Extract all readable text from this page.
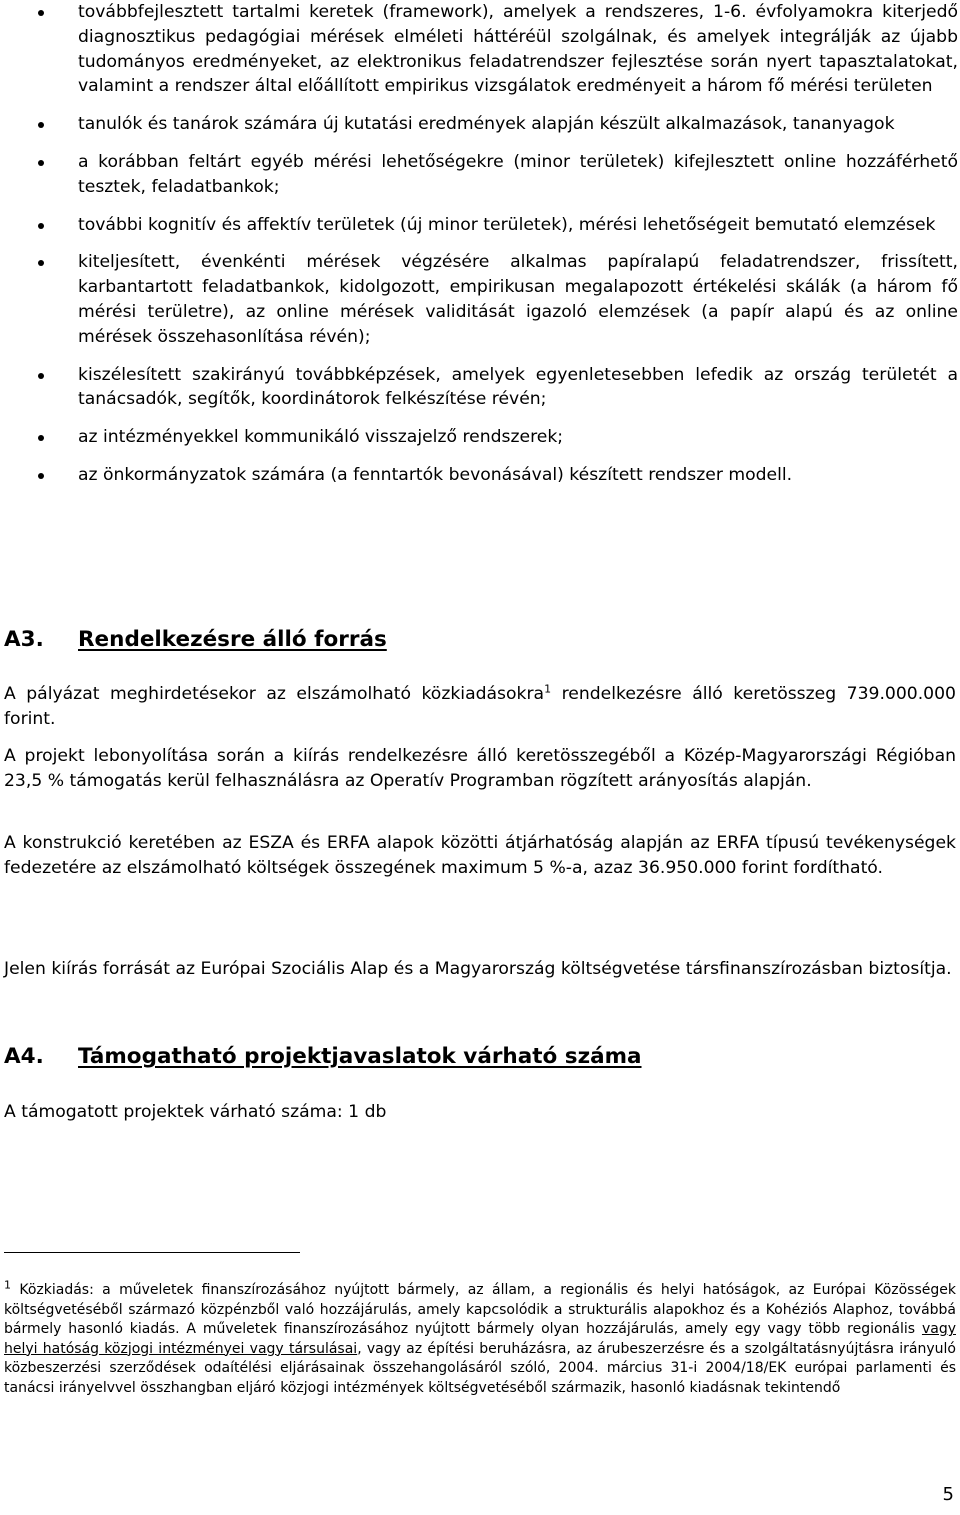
továbbfejlesztett tartalmi keretek (framework), amelyek a rendszeres, 1-6. évfolyamokra kiterjedő diagnosztikus pedagógiai mérések elméleti háttéréül szolgálnak, és amelyek integrálják az újabb tudományos eredményeket, az elektronikus feladatrendszer fejlesztése során nyert tapasztalatokat, valamint a rendszer által előállított empirikus vizsgálatok eredményeit a három fő mérési területen
tanulók és tanárok számára új kutatási eredmények alapján készült alkalmazások, tananyagok
a korábban feltárt egyéb mérési lehetőségekre (minor területek) kifejlesztett online hozzáférhető tesztek, feladatbankok;
további kognitív és affektív területek (új minor területek), mérési lehetőségeit bemutató elemzések
kiteljesített, évenkénti mérések végzésére alkalmas papíralapú feladatrendszer, frissített, karbantartott feladatbankok, kidolgozott, empirikusan megalapozott értékelési skálák (a három fő mérési területre), az online mérések validitását igazoló elemzések (a papír alapú és az online mérések összehasonlítása révén);
kiszélesített szakirányú továbbképzések, amelyek egyenletesebben lefedik az ország területét a tanácsadók, segítők, koordinátorok felkészítése révén;
az intézményekkel kommunikáló visszajelző rendszerek;
az önkormányzatok számára (a fenntartók bevonásával) készített rendszer modell.
A3. Rendelkezésre álló forrás

A pályázat meghirdetésekor az elszámolható közkiadásokra$^1$ rendelkezésre álló keretösszeg 739.000.000 forint.

A projekt lebonyolítása során a kiírás rendelkezésre álló keretösszegéből a Közép-Magyarországi Régióban 23,5 % támogatás kerül felhasználásra az Operatív Programban rögzített arányosítás alapján.

A konstrukció keretében az ESZA és ERFA alapok közötti átjárhatóság alapján az ERFA típusú tevékenységek fedezetére az elszámolható költségek összegének maximum 5 %-a, azaz 36.950.000 forint fordítható.

Jelen kiírás forrását az Európai Szociális Alap és a Magyarország költségvetése társfinanszírozásban biztosítja.

A4. Támogatható projektjavaslatok várható száma

A támogatott projektek várható száma: 1 db

$^1$ Közkiadás: a műveletek finanszírozásához nyújtott bármely, az állam, a regionális és helyi hatóságok, az Európai Közösségek költségvetéséből származó közpénzből való hozzájárulás, amely kapcsolódik a strukturális alapokhoz és a Kohéziós Alaphoz, továbbá bármely hasonló kiadás. A műveletek finanszírozásához nyújtott bármely olyan hozzájárulás, amely egy vagy több regionális vagy helyi hatóság közjogi intézményei vagy társulásai, vagy az építési beruházásra, az árubeszerzésre és a szolgáltatásnyújtásra irányuló közbeszerzési szerződések odaítélési eljárásainak összehangolásáról szóló, 2004. március 31-i 2004/18/EK európai parlamenti és tanácsi irányelvvel összhangban eljáró közjogi intézmények költségvetéséből származik, hasonló kiadásnak tekintendő

5
